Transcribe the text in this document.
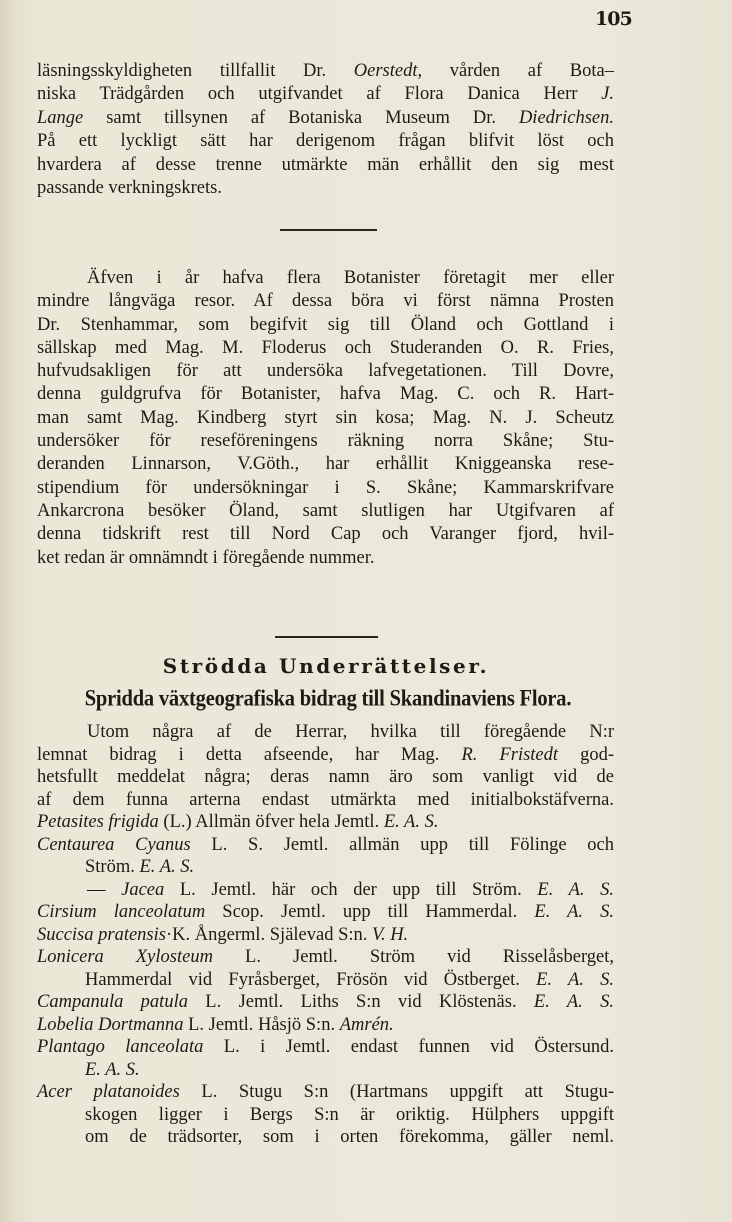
105
läsningsskyldigheten tillfallit Dr. Oerstedt, vården af Bota–
niska Trädgården och utgifvandet af Flora Danica Herr J.
Lange samt tillsynen af Botaniska Museum Dr. Diedrichsen.
På ett lyckligt sätt har derigenom frågan blifvit löst och
hvardera af desse trenne utmärkte män erhållit den sig mest
passande verkningskrets.
Äfven i år hafva flera Botanister företagit mer eller
mindre långväga resor. Af dessa böra vi först nämna Prosten
Dr. Stenhammar, som begifvit sig till Öland och Gottland i
sällskap med Mag. M. Floderus och Studeranden O. R. Fries,
hufvudsakligen för att undersöka lafvegetationen. Till Dovre,
denna guldgrufva för Botanister, hafva Mag. C. och R. Hart-
man samt Mag. Kindberg styrt sin kosa; Mag. N. J. Scheutz
undersöker för reseföreningens räkning norra Skåne; Stu-
deranden Linnarson, V.Göth., har erhållit Kniggeanska rese-
stipendium för undersökningar i S. Skåne; Kammarskrifvare
Ankarcrona besöker Öland, samt slutligen har Utgifvaren af
denna tidskrift rest till Nord Cap och Varanger fjord, hvil-
ket redan är omnämndt i föregående nummer.
Strödda Underrättelser.
Spridda växtgeografiska bidrag till Skandinaviens Flora.
Utom några af de Herrar, hvilka till föregående N:r
lemnat bidrag i detta afseende, har Mag. R. Fristedt god-
hetsfullt meddelat några; deras namn äro som vanligt vid de
af dem funna arterna endast utmärkta med initialbokstäfverna.
Petasites frigida (L.) Allmän öfver hela Jemtl. E. A. S.
Centaurea Cyanus L. S. Jemtl. allmän upp till Fölinge och
Ström. E. A. S.
— Jacea L. Jemtl. här och der upp till Ström. E. A. S.
Cirsium lanceolatum Scop. Jemtl. upp till Hammerdal. E. A. S.
Succisa pratensis·K. Ångerml. Själevad S:n. V. H.
Lonicera Xylosteum L. Jemtl. Ström vid Risselåsberget,
Hammerdal vid Fyråsberget, Frösön vid Östberget. E. A. S.
Campanula patula L. Jemtl. Liths S:n vid Klöstenäs. E. A. S.
Lobelia Dortmanna L. Jemtl. Håsjö S:n. Amrén.
Plantago lanceolata L. i Jemtl. endast funnen vid Östersund.
E. A. S.
Acer platanoides L. Stugu S:n (Hartmans uppgift att Stugu-
skogen ligger i Bergs S:n är oriktig. Hülphers uppgift
om de trädsorter, som i orten förekomma, gäller neml.
